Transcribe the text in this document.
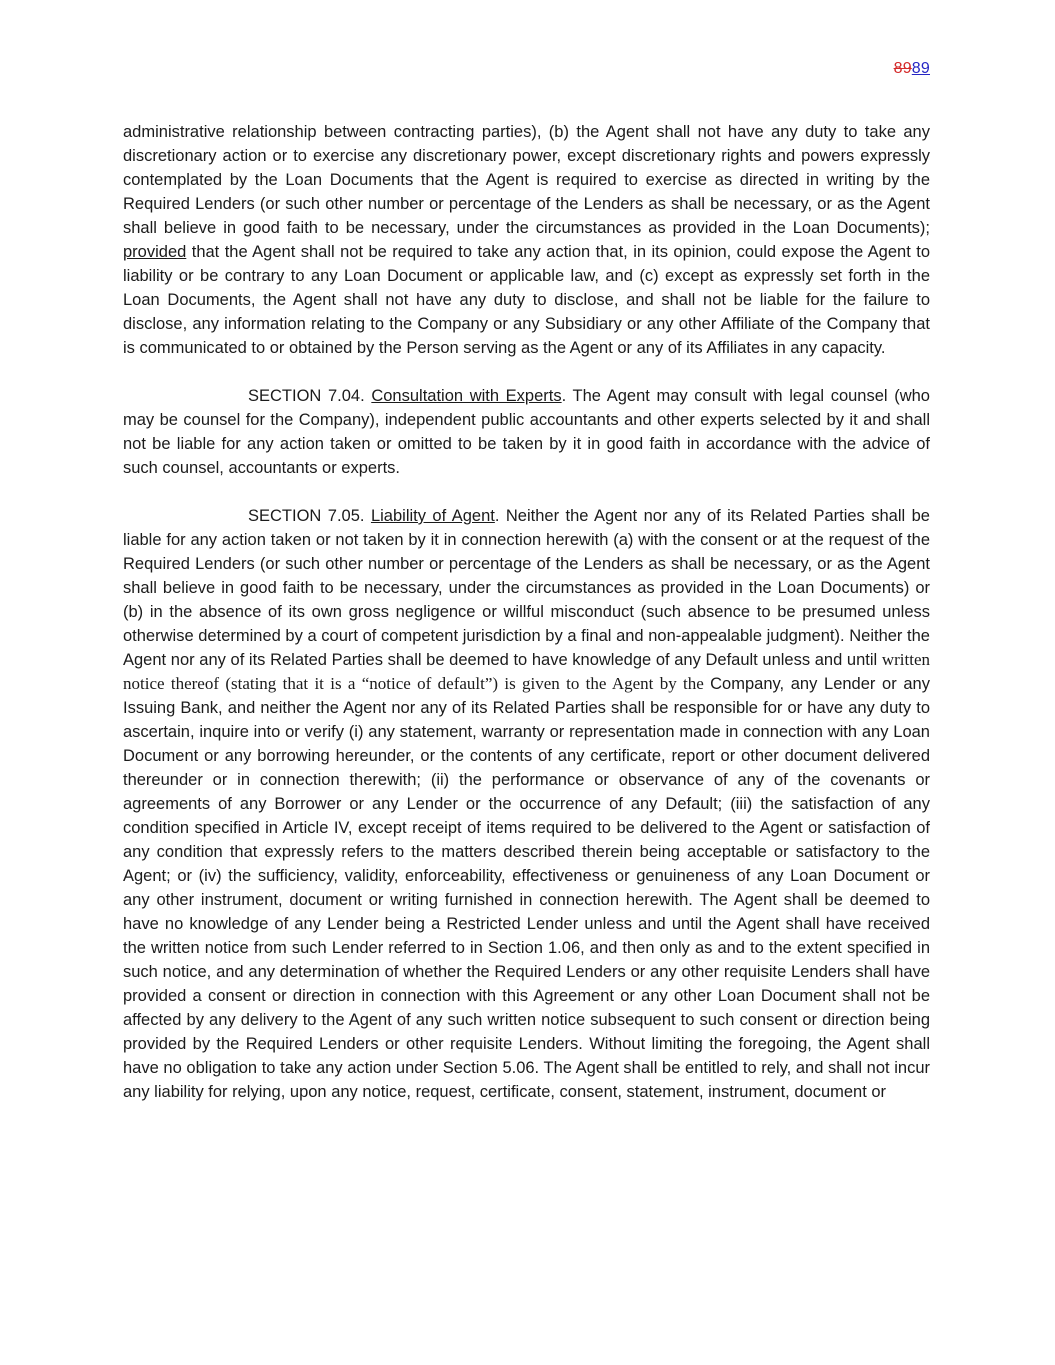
8989

administrative relationship between contracting parties), (b) the Agent shall not have any duty to take any discretionary action or to exercise any discretionary power, except discretionary rights and powers expressly contemplated by the Loan Documents that the Agent is required to exercise as directed in writing by the Required Lenders (or such other number or percentage of the Lenders as shall be necessary, or as the Agent shall believe in good faith to be necessary, under the circumstances as provided in the Loan Documents); provided that the Agent shall not be required to take any action that, in its opinion, could expose the Agent to liability or be contrary to any Loan Document or applicable law, and (c) except as expressly set forth in the Loan Documents, the Agent shall not have any duty to disclose, and shall not be liable for the failure to disclose, any information relating to the Company or any Subsidiary or any other Affiliate of the Company that is communicated to or obtained by the Person serving as the Agent or any of its Affiliates in any capacity.

SECTION 7.04. Consultation with Experts. The Agent may consult with legal counsel (who may be counsel for the Company), independent public accountants and other experts selected by it and shall not be liable for any action taken or omitted to be taken by it in good faith in accordance with the advice of such counsel, accountants or experts.

SECTION 7.05. Liability of Agent. Neither the Agent nor any of its Related Parties shall be liable for any action taken or not taken by it in connection herewith (a) with the consent or at the request of the Required Lenders (or such other number or percentage of the Lenders as shall be necessary, or as the Agent shall believe in good faith to be necessary, under the circumstances as provided in the Loan Documents) or (b) in the absence of its own gross negligence or willful misconduct (such absence to be presumed unless otherwise determined by a court of competent jurisdiction by a final and non-appealable judgment). Neither the Agent nor any of its Related Parties shall be deemed to have knowledge of any Default unless and until written notice thereof (stating that it is a “notice of default”) is given to the Agent by the Company, any Lender or any Issuing Bank, and neither the Agent nor any of its Related Parties shall be responsible for or have any duty to ascertain, inquire into or verify (i) any statement, warranty or representation made in connection with any Loan Document or any borrowing hereunder, or the contents of any certificate, report or other document delivered thereunder or in connection therewith; (ii) the performance or observance of any of the covenants or agreements of any Borrower or any Lender or the occurrence of any Default; (iii) the satisfaction of any condition specified in Article IV, except receipt of items required to be delivered to the Agent or satisfaction of any condition that expressly refers to the matters described therein being acceptable or satisfactory to the Agent; or (iv) the sufficiency, validity, enforceability, effectiveness or genuineness of any Loan Document or any other instrument, document or writing furnished in connection herewith. The Agent shall be deemed to have no knowledge of any Lender being a Restricted Lender unless and until the Agent shall have received the written notice from such Lender referred to in Section 1.06, and then only as and to the extent specified in such notice, and any determination of whether the Required Lenders or any other requisite Lenders shall have provided a consent or direction in connection with this Agreement or any other Loan Document shall not be affected by any delivery to the Agent of any such written notice subsequent to such consent or direction being provided by the Required Lenders or other requisite Lenders. Without limiting the foregoing, the Agent shall have no obligation to take any action under Section 5.06. The Agent shall be entitled to rely, and shall not incur any liability for relying, upon any notice, request, certificate, consent, statement, instrument, document or
